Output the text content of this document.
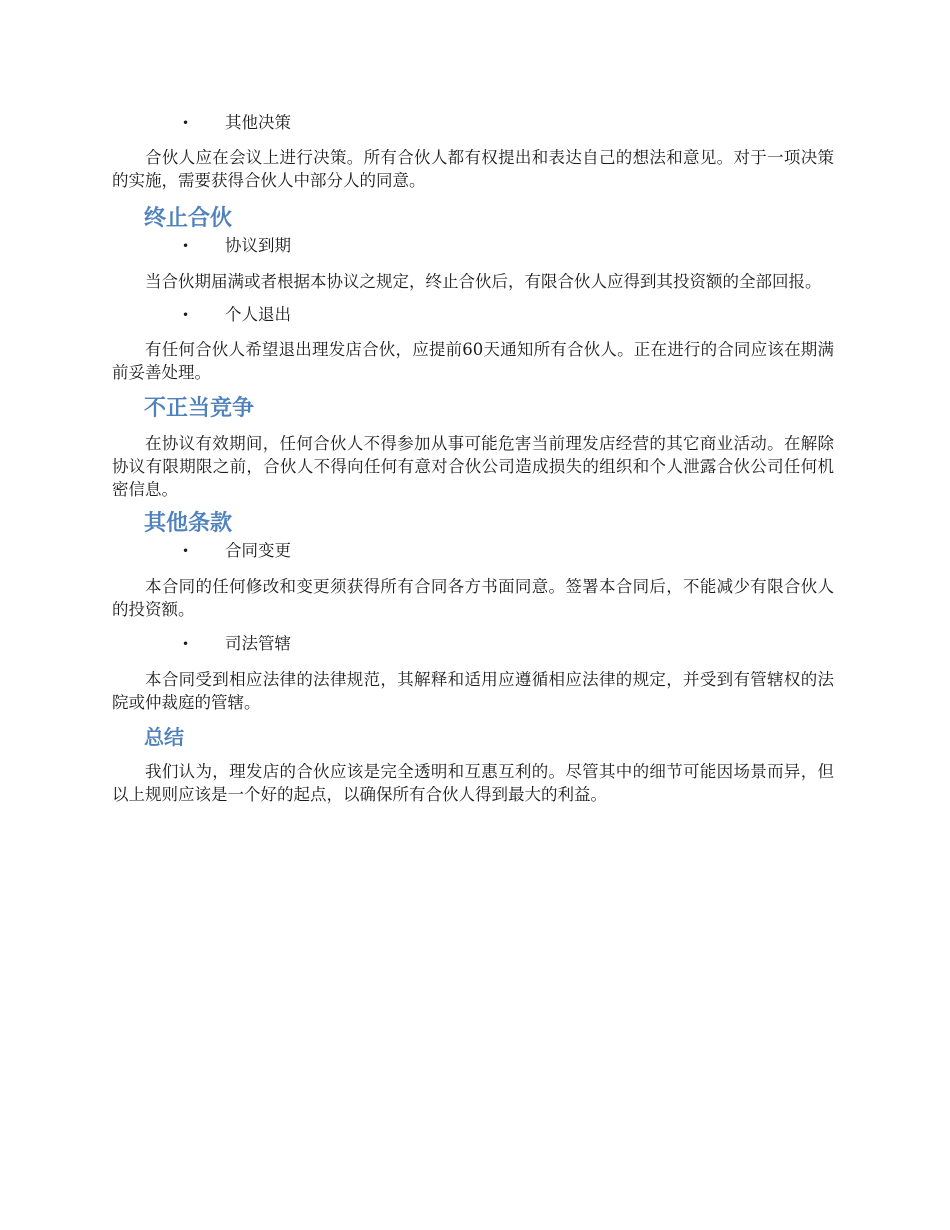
• 其他决策

合伙人应在会议上进行决策。所有合伙人都有权提出和表达自己的想法和意见。对于一项决策的实施，需要获得合伙人中部分人的同意。

终止合伙
• 协议到期

当合伙期届满或者根据本协议之规定，终止合伙后，有限合伙人应得到其投资额的全部回报。

• 个人退出

有任何合伙人希望退出理发店合伙，应提前60天通知所有合伙人。正在进行的合同应该在期满前妥善处理。

不正当竞争

在协议有效期间，任何合伙人不得参加从事可能危害当前理发店经营的其它商业活动。在解除协议有限期限之前，合伙人不得向任何有意对合伙公司造成损失的组织和个人泄露合伙公司任何机密信息。

其他条款
• 合同变更

本合同的任何修改和变更须获得所有合同各方书面同意。签署本合同后，不能减少有限合伙人的投资额。

• 司法管辖

本合同受到相应法律的法律规范，其解释和适用应遵循相应法律的规定，并受到有管辖权的法院或仲裁庭的管辖。

总结

我们认为，理发店的合伙应该是完全透明和互惠互利的。尽管其中的细节可能因场景而异，但以上规则应该是一个好的起点，以确保所有合伙人得到最大的利益。
